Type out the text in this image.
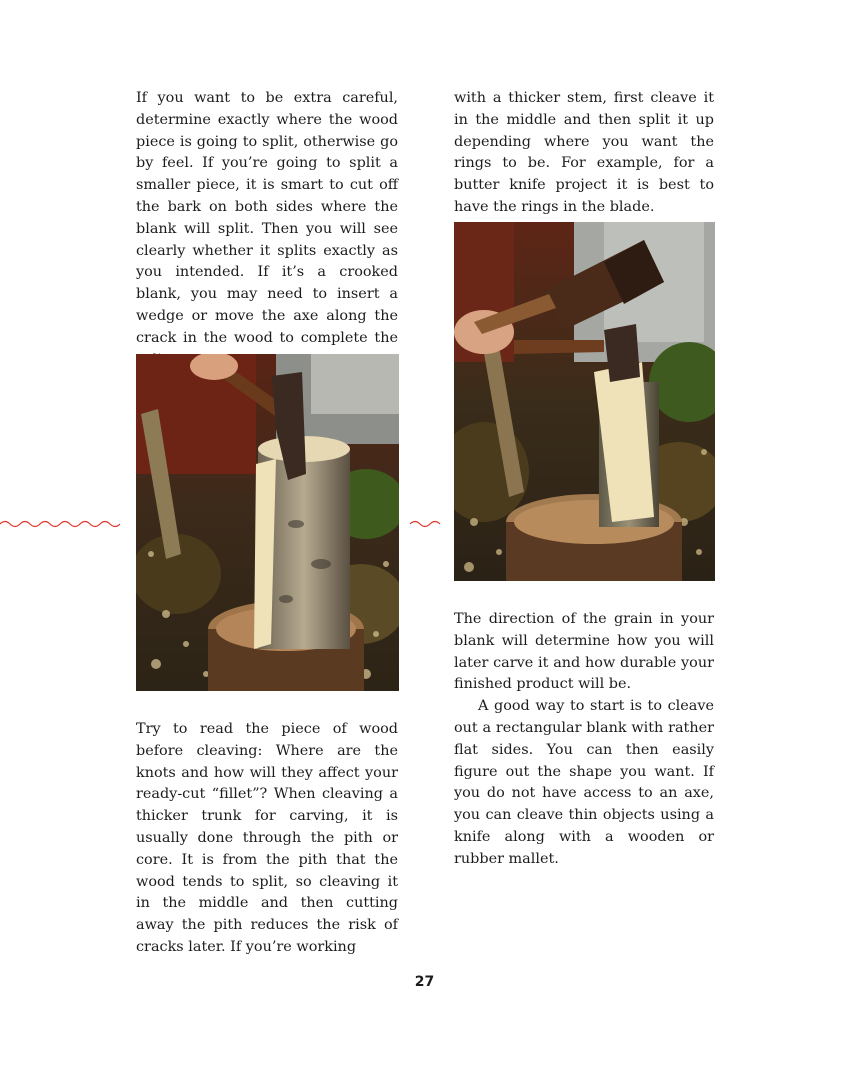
If you want to be extra careful, determine exactly where the wood piece is going to split, otherwise go by feel. If you’re going to split a smaller piece, it is smart to cut off the bark on both sides where the blank will split. Then you will see clearly whether it splits exactly as you intended. If it’s a crooked blank, you may need to insert a wedge or move the axe along the crack in the wood to complete the

with a thicker stem, first cleave it in the middle and then split it up depending where you want the rings to be. For example, for a butter knife project it is best to have the rings in the blade.

Try to read the piece of wood before cleaving: Where are the knots and how will they affect your ready-cut “fillet”? When cleaving a thicker trunk for carving, it is usually done through the pith or core. It is from the pith that the wood tends to split, so cleaving it in the middle and then cutting away the pith reduces the risk of cracks later. If you’re working

The direction of the grain in your blank will determine how you will later carve it and how durable your finished product will be.

A good way to start is to cleave out a rectangular blank with rather flat sides. You can then easily figure out the shape you want. If you do not have access to an axe, you can cleave thin objects using a knife along with a wooden or rubber mallet.

27
